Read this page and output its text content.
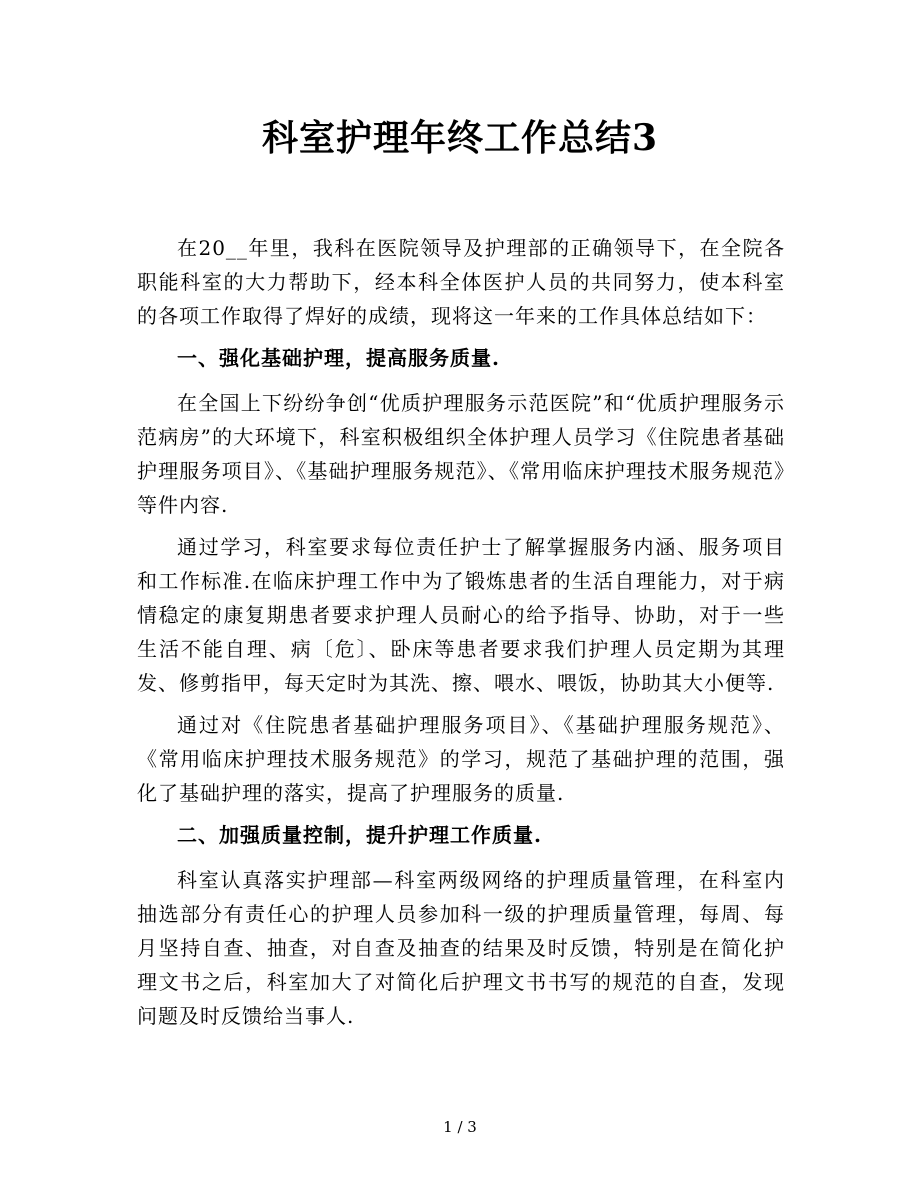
科室护理年终工作总结3

在20__年里，我科在医院领导及护理部的正确领导下，在全院各职能科室的大力帮助下，经本科全体医护人员的共同努力，使本科室的各项工作取得了焊好的成绩，现将这一年来的工作具体总结如下：

一、强化基础护理，提高服务质量.

在全国上下纷纷争创“优质护理服务示范医院”和“优质护理服务示范病房”的大环境下，科室积极组织全体护理人员学习《住院患者基础护理服务项目》、《基础护理服务规范》、《常用临床护理技术服务规范》等件内容.

通过学习，科室要求每位责任护士了解掌握服务内涵、服务项目和工作标准.在临床护理工作中为了锻炼患者的生活自理能力，对于病情稳定的康复期患者要求护理人员耐心的给予指导、协助，对于一些生活不能自理、病〔危〕、卧床等患者要求我们护理人员定期为其理发、修剪指甲，每天定时为其洗、擦、喂水、喂饭，协助其大小便等.

通过对《住院患者基础护理服务项目》、《基础护理服务规范》、《常用临床护理技术服务规范》的学习，规范了基础护理的范围，强化了基础护理的落实，提高了护理服务的质量.

二、加强质量控制，提升护理工作质量.

科室认真落实护理部—科室两级网络的护理质量管理，在科室内抽选部分有责任心的护理人员参加科一级的护理质量管理，每周、每月坚持自查、抽查，对自查及抽查的结果及时反馈，特别是在简化护理文书之后，科室加大了对简化后护理文书书写的规范的自查，发现问题及时反馈给当事人.

1 / 3
